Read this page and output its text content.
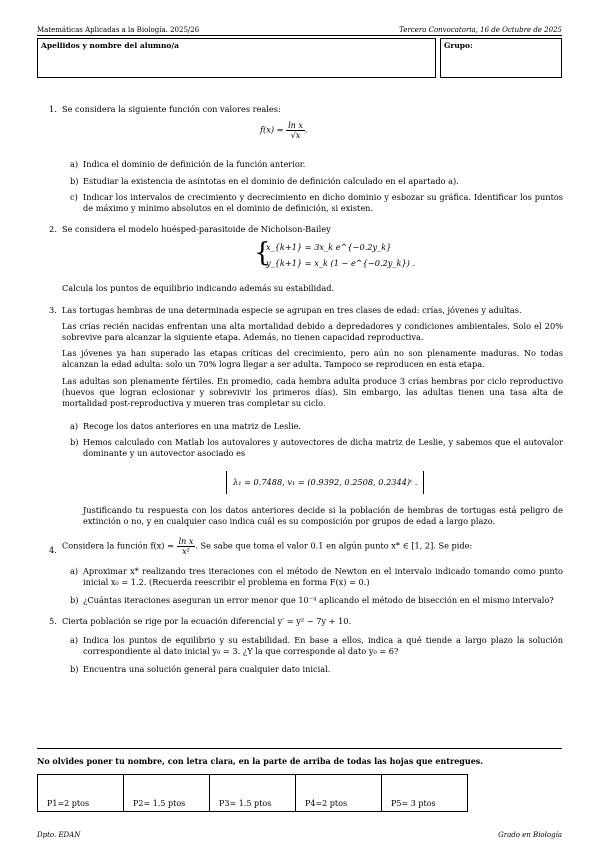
Matemáticas Aplicadas a la Biología. 2025/26	Tercera Convocatoria, 16 de Octubre de 2025
Apellidos y nombre del alumno/a	Grupo:
1. Se considera la siguiente función con valores reales:
$f(x) = \frac{\text{ln x}}{√x}$ .
a) Indica el dominio de definición de la función anterior.
b) Estudiar la existencia de asíntotas en el dominio de definición calculado en el apartado a).
c) Indicar los intervalos de crecimiento y decrecimiento en dicho dominio y esbozar su gráfica. Identificar los puntos de máximo y mínimo absolutos en el dominio de definición, si existen.
2. Se considera el modelo huésped-parasitoide de Nicholson-Bailey
{
x_{k+1} = 3x_k e^{−0.2y_k}
y_{k+1} = x_k (1 − e^{−0.2y_k}) .
Calcula los puntos de equilibrio indicando además su estabilidad.
3. Las tortugas hembras de una determinada especie se agrupan en tres clases de edad: crías, jóvenes y adultas.
Las crías recién nacidas enfrentan una alta mortalidad debido a depredadores y condiciones ambientales. Solo el 20% sobrevive para alcanzar la siguiente etapa. Además, no tienen capacidad reproductiva.
Las jóvenes ya han superado las etapas críticas del crecimiento, pero aún no son plenamente maduras. No todas alcanzan la edad adulta: solo un 70% logra llegar a ser adulta. Tampoco se reproducen en esta etapa.
Las adultas son plenamente fértiles. En promedio, cada hembra adulta produce 3 crías hembras por ciclo reproductivo (huevos que logran eclosionar y sobrevivir los primeros días). Sin embargo, las adultas tienen una tasa alta de mortalidad post-reproductiva y mueren tras completar su ciclo.
a) Recoge los datos anteriores en una matriz de Leslie.
b) Hemos calculado con Matlab los autovalores y autovectores de dicha matriz de Leslie, y sabemos que el autovalor dominante y un autovector asociado es
λ₁ = 0.7488, v₁ = (0.9392, 0.2508, 0.2344)ᵗ .
Justificando tu respuesta con los datos anteriores decide si la población de hembras de tortugas está peligro de extinción o no, y en cualquier caso indica cuál es su composición por grupos de edad a largo plazo.
4. Considera la función $f(x) = \frac{\text{ln x}}{\text{x²}}$ . Se sabe que toma el valor 0.1 en algún punto x* ∈ [1, 2]. Se pide:
a) Aproximar x* realizando tres iteraciones con el método de Newton en el intervalo indicado tomando como punto inicial x₀ = 1.2. (Recuerda reescribir el problema en forma F(x) = 0.)
b) ¿Cuántas iteraciones aseguran un error menor que 10⁻⁴ aplicando el método de bisección en el mismo intervalo?
5. Cierta población se rige por la ecuación diferencial y′ = y² − 7y + 10.
a) Indica los puntos de equilibrio y su estabilidad. En base a ellos, indica a qué tiende a largo plazo la solución correspondiente al dato inicial y₀ = 3. ¿Y la que corresponde al dato y₀ = 6?
b) Encuentra una solución general para cualquier dato inicial.
No olvides poner tu nombre, con letra clara, en la parte de arriba de todas las hojas que entregues.
P1=2 ptos	P2= 1.5 ptos	P3= 1.5 ptos	P4=2 ptos	P5= 3 ptos
Dpto. EDAN	Grado en Biología
